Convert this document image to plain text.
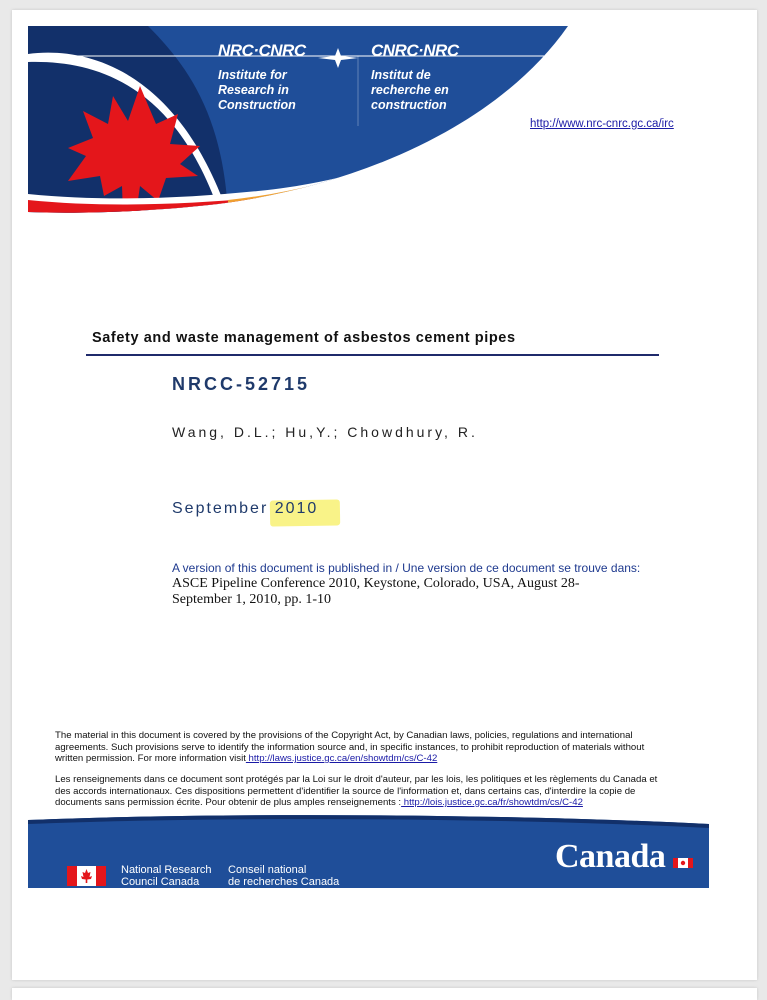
NRC·CNRC
Institute for
Research in
Construction
CNRC·NRC
Institut de
recherche en
construction
http://www.nrc-cnrc.gc.ca/irc
Safety and waste management of asbestos cement pipes
NRCC-52715
Wang, D.L.; Hu,Y.; Chowdhury, R.
September 2010
A version of this document is published in / Une version de ce document se trouve dans:
ASCE Pipeline Conference 2010, Keystone, Colorado, USA, August 28-September 1, 2010, pp. 1-10
The material in this document is covered by the provisions of the Copyright Act, by Canadian laws, policies, regulations and international agreements. Such provisions serve to identify the information source and, in specific instances, to prohibit reproduction of materials without written permission. For more information visit http://laws.justice.gc.ca/en/showtdm/cs/C-42
Les renseignements dans ce document sont protégés par la Loi sur le droit d'auteur, par les lois, les politiques et les règlements du Canada et des accords internationaux. Ces dispositions permettent d'identifier la source de l'information et, dans certains cas, d'interdire la copie de documents sans permission écrite. Pour obtenir de plus amples renseignements : http://lois.justice.gc.ca/fr/showtdm/cs/C-42
National Research
Council Canada
Conseil national
de recherches Canada
Canada
